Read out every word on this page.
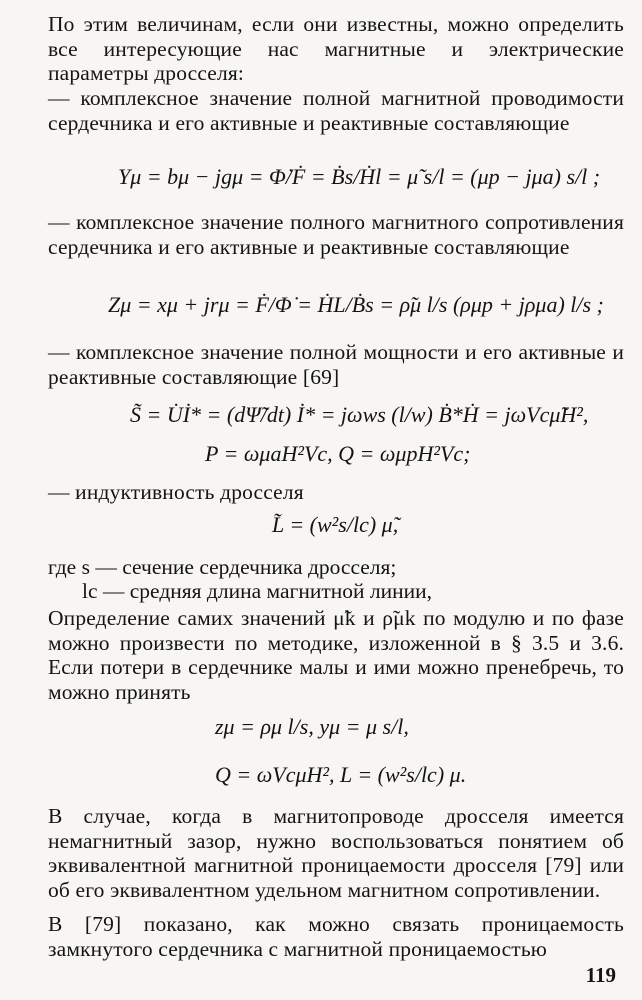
По этим величинам, если они известны, можно определить все интересующие нас магнитные и электрические параметры дросселя:
— комплексное значение полной магнитной проводимости сердечника и его активные и реактивные составляющие
Yμ = bμ − jgμ = Φ̇/Ḟ = Ḃs/Ḣl = μ̃ s/l = (μр − jμа) s/l ;
— комплексное значение полного магнитного сопротивления сердечника и его активные и реактивные составляющие
Zμ = xμ + jrμ = Ḟ/Φ̇ = ḢL/Ḃs = ρ̃μ l/s (ρμр + jρμа) l/s ;
— комплексное значение полной мощности и его активные и реактивные составляющие [69]
S̃ = U̇İ* = (dΨ̃/dt) İ* = jωws (l/w) Ḃ*Ḣ = jωVсμ̃H²,
P = ωμаH²Vс, Q = ωμрH²Vс;
— индуктивность дросселя
L̃ = (w²s/lс) μ̃,
где s — сечение сердечника дросселя;
lс — средняя длина магнитной линии,
Определение самих значений μ̃k и ρ̃μk по модулю и по фазе можно произвести по методике, изложенной в § 3.5 и 3.6. Если потери в сердечнике малы и ими можно пренебречь, то можно принять
zμ = ρμ l/s, yμ = μ s/l,
Q = ωVсμH², L = (w²s/lс) μ.
В случае, когда в магнитопроводе дросселя имеется немагнитный зазор, нужно воспользоваться понятием об эквивалентной магнитной проницаемости дросселя [79] или об его эквивалентном удельном магнитном сопротивлении.
В [79] показано, как можно связать проницаемость замкнутого сердечника с магнитной проницаемостью
119
